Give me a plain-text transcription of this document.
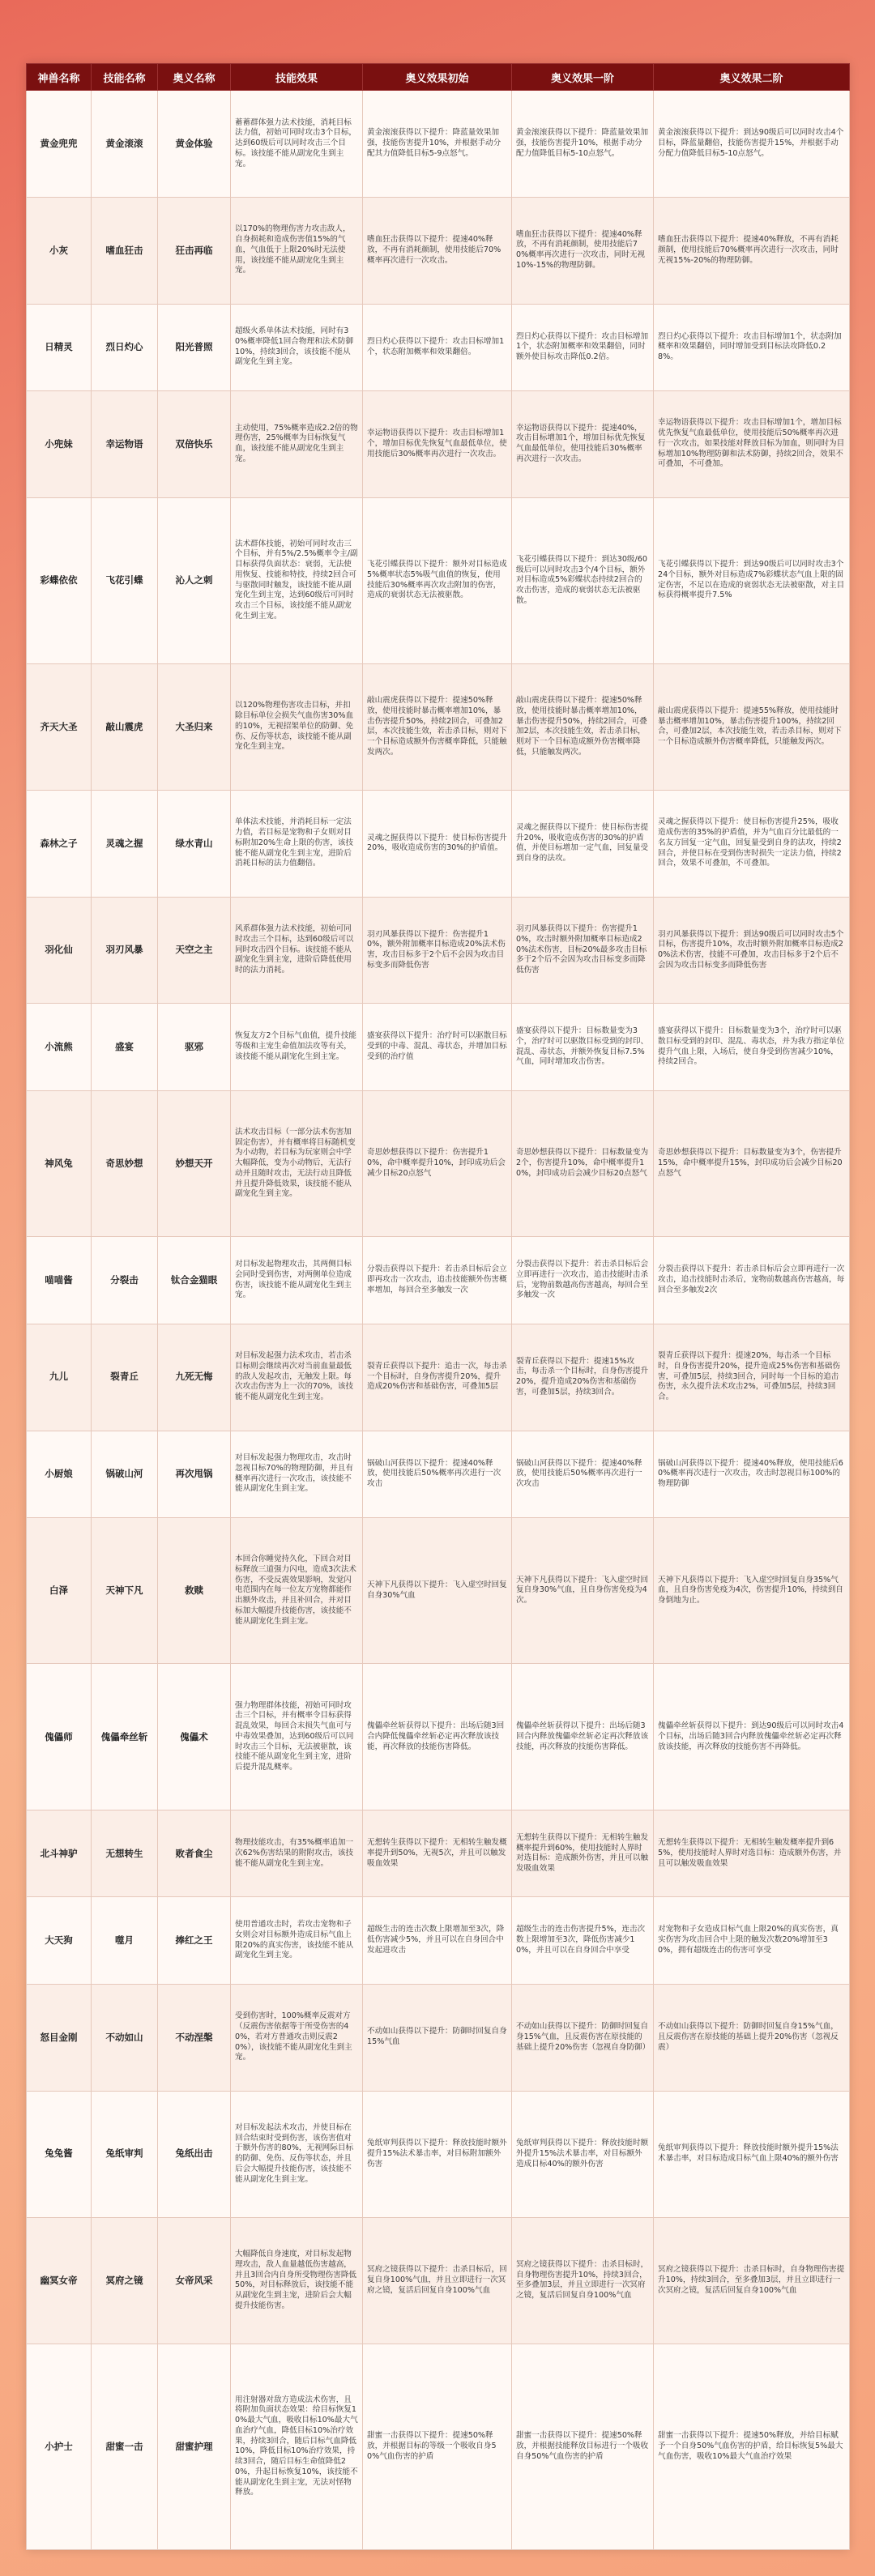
神兽名称	技能名称	奥义名称	技能效果	奥义效果初始	奥义效果一阶	奥义效果二阶
黄金兜兜	黄金滚滚	黄金体验	蓄蓄群体强力法术技能，消耗目标法力值，初始可同时攻击3个目标，达到60级后可以同时攻击三个目标。该技能不能从副宠化生到主宠。	黄金滚滚获得以下提升：降蓝量效果加强，技能伤害提升10%，并根据手动分配其力值降低目标5-9点怒气。	黄金滚滚获得以下提升：降蓝量效果加强，技能伤害提升10%，根据手动分配力值降低目标5-10点怒气。	黄金滚滚获得以下提升：到达90级后可以同时攻击4个目标，降蓝量翻倍，技能伤害提升15%，并根据手动分配力值降低目标5-10点怒气。
小灰	嗜血狂击	狂击再临	以170%的物理伤害力攻击敌人，自身损耗和造成伤害值15%的气血，气血低于上限20%时无法使用，该技能不能从副宠化生到主宠。	嗜血狂击获得以下提升：提速40%释放，不再有消耗颜制，使用技能后70%概率再次进行一次攻击。	嗜血狂击获得以下提升：提速40%释放，不再有消耗颜制，使用技能后70%概率再次进行一次攻击，同时无视10%-15%的物理防御。	嗜血狂击获得以下提升：提速40%释放，不再有消耗颜制，使用技能后70%概率再次进行一次攻击，同时无视15%-20%的物理防御。
日精灵	烈日灼心	阳光普照	超级火系单体法术技能，同时有30%概率降低1回合物理和法术防御10%，持续3回合，该技能不能从副宠化生到主宠。	烈日灼心获得以下提升：攻击目标增加1个，状态附加概率和效果翻倍。	烈日灼心获得以下提升：攻击目标增加1个，状态附加概率和效果翻倍，同时额外使目标攻击降低0.2倍。	烈日灼心获得以下提升：攻击目标增加1个，状态附加概率和效果翻倍，同时增加受到目标法攻降低0.28%。
小兜妹	幸运物语	双倍快乐	主动使用，75%概率造成2.2倍的物理伤害，25%概率为目标恢复气血，该技能不能从副宠化生到主宠。	幸运物语获得以下提升：攻击目标增加1个，增加目标优先恢复气血最低单位，使用技能后30%概率再次进行一次攻击。	幸运物语获得以下提升：提速40%，攻击目标增加1个，增加目标优先恢复气血最低单位，使用技能后30%概率再次进行一次攻击。	幸运物语获得以下提升：攻击目标增加1个，增加目标优先恢复气血最低单位，使用技能后50%概率再次进行一次攻击，如果技能对释放目标为加血，则同时为目标增加10%物理防御和法术防御，持续2回合，效果不可叠加，不可叠加。
彩蝶依依	飞花引蝶	沁人之刺	法术群体技能，初始可同时攻击三个目标，并有5%/2.5%概率令主/副目标获得负面状态：衰弱，无法使用恢复、技能和特技，持续2回合可与驱散同时触发，该技能不能从副宠化生到主宠，达到60级后可同时攻击三个目标，该技能不能从副宠化生到主宠。	飞花引蝶获得以下提升：额外对目标造成5%概率状态5%吸气血值的恢复，使用技能后30%概率再次攻击附加的伤害，造成的衰弱状态无法被驱散。	飞花引蝶获得以下提升：到达30级/60级后可以同时攻击3个/4个目标，额外对目标造成5%彩蝶状态持续2回合的攻击伤害，造成的衰弱状态无法被驱散。	飞花引蝶获得以下提升：到达90级后可以同时攻击3个24个目标，额外对目标造成7%彩蝶状态气血上限的固定伤害，不足以在造成的衰弱状态无法被驱散，对主目标获得概率提升7.5%
齐天大圣	敲山震虎	大圣归来	以120%物理伤害攻击目标，并扣除目标单位会损失气血伤害30%血的10%，无视招架单位的防御、免伤、反伤等状态，该技能不能从副宠化生到主宠。	敲山震虎获得以下提升：提速50%释放，使用技能时暴击概率增加10%，暴击伤害提升50%，持续2回合，可叠加2层，本次技能生效，若击杀目标，则对下一个目标造成额外伤害概率降低，只能触发两次。	敲山震虎获得以下提升：提速50%释放，使用技能时暴击概率增加10%，暴击伤害提升50%，持续2回合，可叠加2层，本次技能生效，若击杀目标，则对下一个目标造成额外伤害概率降低，只能触发两次。	敲山震虎获得以下提升：提速55%释放，使用技能时暴击概率增加10%，暴击伤害提升100%，持续2回合，可叠加2层，本次技能生效，若击杀目标，则对下一个目标造成额外伤害概率降低，只能触发两次。
森林之子	灵魂之握	绿水青山	单体法术技能，并消耗目标一定法力值，若目标是宠物和子女则对目标附加20%生命上限的伤害，该技能不能从副宠化生到主宠，进阶后消耗目标的法力值翻倍。	灵魂之握获得以下提升：使目标伤害提升20%，吸收造成伤害的30%的护盾值。	灵魂之握获得以下提升：使目标伤害提升20%，吸收造成伤害的30%的护盾值，并使目标增加一定气血，回复量受到自身的法攻。	灵魂之握获得以下提升：使目标伤害提升25%，吸收造成伤害的35%的护盾值，并为气血百分比最低的一名友方回复一定气血，回复量受到自身的法攻，持续2回合，并使目标在受到伤害时损失一定法力值，持续2回合，效果不可叠加，不可叠加。
羽化仙	羽刃风暴	天空之主	风系群体强力法术技能，初始可同时攻击三个目标，达到60级后可以同时攻击四个目标。该技能不能从副宠化生到主宠，进阶后降低使用时的法力消耗。	羽刃风暴获得以下提升：伤害提升10%，额外附加概率目标造成20%法术伤害，攻击目标多于2个后不会因为攻击目标变多而降低伤害	羽刃风暴获得以下提升：伤害提升10%，攻击时额外附加概率目标造成20%法术伤害，目标20%最多攻击目标多于2个后不会因为攻击目标变多而降低伤害	羽刃风暴获得以下提升：到达90级后可以同时攻击5个目标，伤害提升10%，攻击时额外附加概率目标造成20%法术伤害，技能不可叠加，攻击目标多于2个后不会因为攻击目标变多而降低伤害
小流熊	盛宴	驱邪	恢复友方2个目标气血值，提升技能等级和主宠生命值加法攻等有关，该技能不能从副宠化生到主宠。	盛宴获得以下提升：治疗时可以驱散目标受到的中毒、混乱、毒状态，并增加目标受到的治疗值	盛宴获得以下提升：目标数量变为3个，治疗时可以驱散目标受到的封印、混乱、毒状态，并额外恢复目标7.5%气血，同时增加攻击伤害。	盛宴获得以下提升：目标数量变为3个，治疗时可以驱散目标受到的封印、混乱、毒状态，并为我方指定单位提升气血上限，入场后，使自身受到伤害减少10%，持续2回合。
神风兔	奇思妙想	妙想天开	法术攻击目标（一部分法术伤害加固定伤害），并有概率将目标随机变为小动物，若目标为玩家则会中学大幅降低，变为小动物后，无法行动并且随时攻击，无法行动且降低并且提升降低效果，该技能不能从副宠化生到主宠。	奇思妙想获得以下提升：伤害提升10%，命中概率提升10%，封印成功后会减少目标20点怒气	奇思妙想获得以下提升：目标数量变为2个，伤害提升10%，命中概率提升10%，封印成功后会减少目标20点怒气	奇思妙想获得以下提升：目标数量变为3个，伤害提升15%，命中概率提升15%，封印成功后会减少目标20点怒气
喵喵酱	分裂击	钛合金猫眼	对目标发起物理攻击，其两侧目标会同时受到伤害，对两侧单位造成伤害，该技能不能从副宠化生到主宠。	分裂击获得以下提升：若击杀目标后会立即再攻击一次攻击，追击技能额外伤害概率增加，每回合至多触发一次	分裂击获得以下提升：若击杀目标后会立即再进行一次攻击，追击技能时击杀后，宠物前数越高伤害越高，每回合至多触发一次	分裂击获得以下提升：若击杀目标后会立即再进行一次攻击，追击技能时击杀后，宠物前数越高伤害越高，每回合至多触发2次
九儿	裂青丘	九死无悔	对目标发起强力法术攻击，若击杀目标则会继续再次对当前血量最低的敌人发起攻击，无触发上限。每次攻击伤害为上一次的70%，该技能不能从副宠化生到主宠。	裂青丘获得以下提升：追击一次，每击杀一个目标时，自身伤害提升20%，提升造成20%伤害和基础伤害，可叠加5层	裂青丘获得以下提升：提速15%攻击，每击杀一个目标时，自身伤害提升20%，提升造成20%伤害和基础伤害，可叠加5层，持续3回合。	裂青丘获得以下提升：提速20%，每击杀一个目标时，自身伤害提升20%，提升造成25%伤害和基础伤害，可叠加5层，持续3回合，同时每一个目标的追击伤害，永久提升法术攻击2%，可叠加5层，持续3回合。
小厨娘	锅破山河	再次甩锅	对目标发起强力物理攻击，攻击时忽视目标70%的物理防御，并且有概率再次进行一次攻击，该技能不能从副宠化生到主宠。	锅破山河获得以下提升：提速40%释放，使用技能后50%概率再次进行一次攻击	锅破山河获得以下提升：提速40%释放，使用技能后50%概率再次进行一次攻击	锅破山河获得以下提升：提速40%释放，使用技能后60%概率再次进行一次攻击，攻击时忽视目标100%的物理防御
白泽	天神下凡	救赎	本回合你睡觉持久化，下回合对目标释放三道强力闪电，造成3次法术伤害，不受反震效果影响，发觉闪电范围内在每一位友方宠物都能作出额外攻击，并且补回合，并对目标加大幅提升技能伤害，该技能不能从副宠化生到主宠。	天神下凡获得以下提升：飞入虚空时回复自身30%气血	天神下凡获得以下提升：飞入虚空时回复自身30%气血，且自身伤害免疫为4次。	天神下凡获得以下提升：飞入虚空时回复自身35%气血，且自身伤害免疫为4次，伤害提升10%，持续到自身倒地为止。
傀儡师	傀儡牵丝斩	傀儡术	强力物理群体技能，初始可同时攻击三个目标，并有概率令目标获得混乱效果，每回合末损失气血可与中毒效果叠加，达到60级后可以同时攻击三个目标，无法被驱散，该技能不能从副宠化生到主宠，进阶后提升混乱概率。	傀儡牵丝斩获得以下提升：出场后随3回合内降低傀儡牵丝斩必定再次释放该技能，再次释放的技能伤害降低。	傀儡牵丝斩获得以下提升：出场后随3回合内释放傀儡牵丝斩必定再次释放该技能，再次释放的技能伤害降低。	傀儡牵丝斩获得以下提升：到达90级后可以同时攻击4个目标，出场后随3回合内释放傀儡牵丝斩必定再次释放该技能，再次释放的技能伤害不再降低。
北斗神驴	无想转生	败者食尘	物理技能攻击，有35%概率追加一次62%伤害结果的附附攻击，该技能不能从副宠化生到主宠。	无想转生获得以下提升：无相转生触发概率提升到50%，无视5次，并且可以触发吸血效果	无想转生获得以下提升：无相转生触发概率提升到60%，使用技能时人界时对选目标：造成额外伤害，并且可以触发吸血效果	无想转生获得以下提升：无相转生触发概率提升到65%，使用技能时人界时对选目标：造成额外伤害，并且可以触发吸血效果
大天狗	噬月	捧红之王	使用普通攻击时，若攻击宠物和子女则会对目标额外造成目标气血上限20%的真实伤害，该技能不能从副宠化生到主宠。	超级生击的连击次数上限增加至3次，降低伤害减少5%，并且可以在自身回合中发起进攻击	超级生击的连击伤害提升5%，连击次数上限增加至3次，降低伤害减少10%，并且可以在自身回合中享受	对宠物和子女造成目标气血上限20%的真实伤害，真实伤害为攻击回合中上限的触发次数20%增加至30%，拥有超级连击的伤害可享受
怒目金刚	不动如山	不动涅槃	受到伤害时，100%概率反震对方（反震伤害依据等于所受伤害的40%，若对方普通攻击则反震20%），该技能不能从副宠化生到主宠。	不动如山获得以下提升：防御时回复自身15%气血	不动如山获得以下提升：防御时回复自身15%气血，且反震伤害在原技能的基础上提升20%伤害（忽视自身防御）	不动如山获得以下提升：防御时回复自身15%气血，且反震伤害在原技能的基础上提升20%伤害（忽视反震）
兔兔酱	兔纸审判	兔纸出击	对目标发起法术攻击，并使目标在回合结束时受到伤害，该伤害值对于额外伤害的80%，无视网际目标的防御、免伤、反伤等状态，并且后会大幅提升技能伤害，该技能不能从副宠化生到主宠。	兔纸审判获得以下提升：释放技能时额外提升15%法术暴击率，对目标附加额外伤害	兔纸审判获得以下提升：释放技能时额外提升15%法术暴击率，对目标额外造成目标40%的额外伤害	兔纸审判获得以下提升：释放技能时额外提升15%法术暴击率，对目标造成目标气血上限40%的额外伤害
幽冥女帝	冥府之镜	女帝风采	大幅降低自身速度，对目标发起物理攻击，敌人血量越低伤害越高，并且3回合内自身所受物理伤害降低50%，对目标释放后，该技能不能从副宠化生到主宠，进阶后会大幅提升技能伤害。	冥府之镜获得以下提升：击杀目标后，回复自身100%气血，并且立即进行一次冥府之镜，复活后回复自身100%气血	冥府之镜获得以下提升：击杀目标时，自身物理伤害提升10%，持续3回合，至多叠加3层，并且立即进行一次冥府之镜，复活后回复自身100%气血	冥府之镜获得以下提升：击杀目标时，自身物理伤害提升10%，持续3回合，至多叠加3层，并且立即进行一次冥府之镜，复活后回复自身100%气血
小护士	甜蜜一击	甜蜜护理	用注射器对敌方造成法术伤害，且将附加负面状态效果：给目标恢复10%最大气血，吸收目标10%最大气血治疗气血，降低目标10%治疗效果，持续3回合，随后目标气血降低10%，降低目标10%治疗效果，持续3回合，随后目标生命值降低20%，升起目标恢复10%，该技能不能从副宠化生到主宠，无法对怪物释放。	甜蜜一击获得以下提升：提速50%释放，并根据目标的等级一个吸收自身50%气血伤害的护盾	甜蜜一击获得以下提升：提速50%释放，并根据技能释放目标进行一个吸收自身50%气血伤害的护盾	甜蜜一击获得以下提升：提速50%释放，并给目标赋予一个自身50%气血伤害的护盾，给目标恢复5%最大气血伤害，吸收10%最大气血治疗效果
